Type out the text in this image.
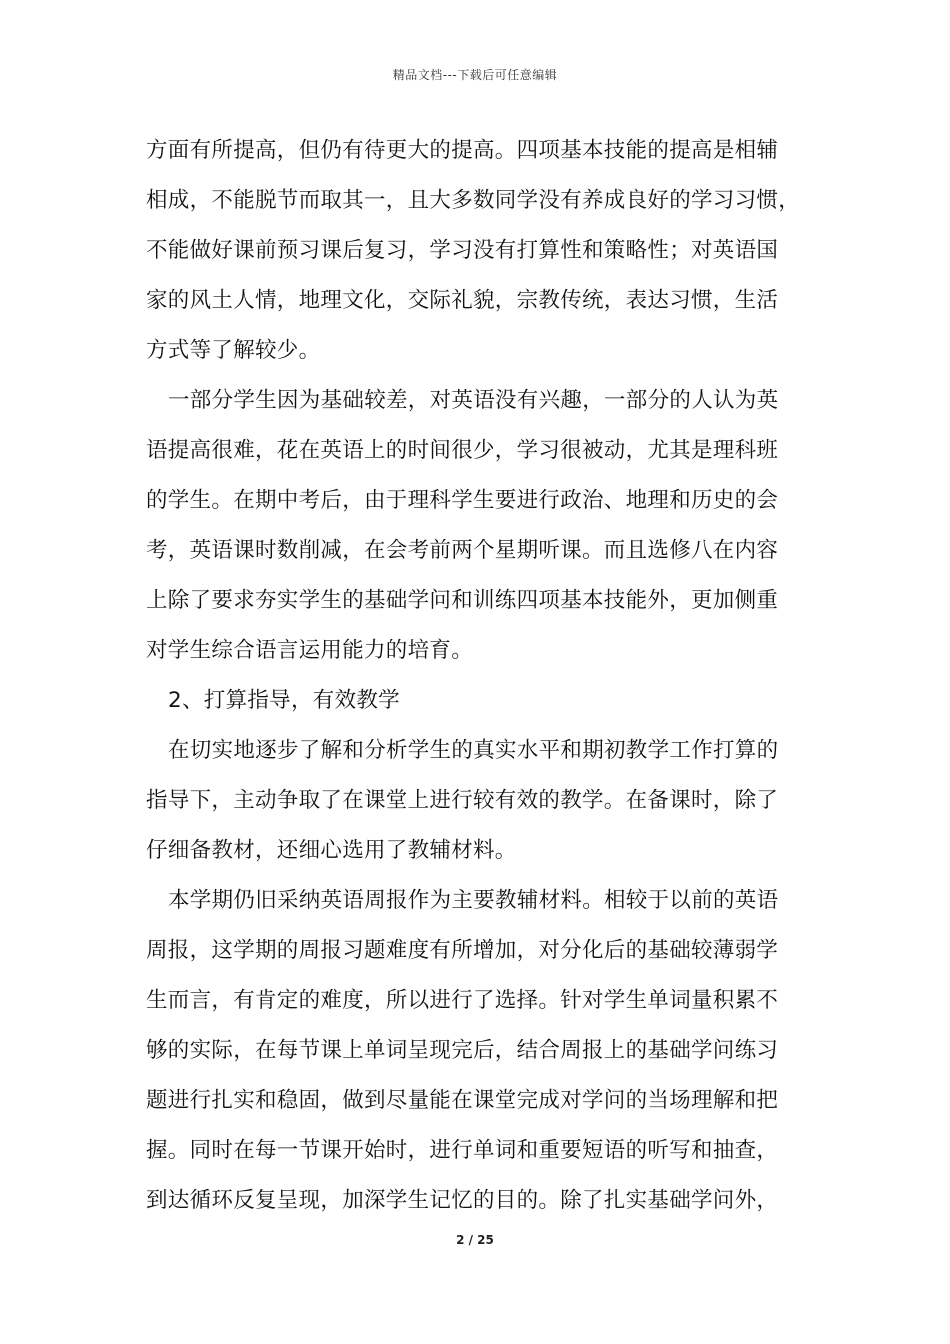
精品文档---下载后可任意编辑
方面有所提高，但仍有待更大的提高。四项基本技能的提高是相辅
相成，不能脱节而取其一，且大多数同学没有养成良好的学习习惯，
不能做好课前预习课后复习，学习没有打算性和策略性；对英语国
家的风土人情，地理文化，交际礼貌，宗教传统，表达习惯，生活
方式等了解较少。
一部分学生因为基础较差，对英语没有兴趣，一部分的人认为英
语提高很难，花在英语上的时间很少，学习很被动，尤其是理科班
的学生。在期中考后，由于理科学生要进行政治、地理和历史的会
考，英语课时数削减，在会考前两个星期听课。而且选修八在内容
上除了要求夯实学生的基础学问和训练四项基本技能外，更加侧重
对学生综合语言运用能力的培育。
2、打算指导，有效教学
在切实地逐步了解和分析学生的真实水平和期初教学工作打算的
指导下，主动争取了在课堂上进行较有效的教学。在备课时，除了
仔细备教材，还细心选用了教辅材料。
本学期仍旧采纳英语周报作为主要教辅材料。相较于以前的英语
周报，这学期的周报习题难度有所增加，对分化后的基础较薄弱学
生而言，有肯定的难度，所以进行了选择。针对学生单词量积累不
够的实际，在每节课上单词呈现完后，结合周报上的基础学问练习
题进行扎实和稳固，做到尽量能在课堂完成对学问的当场理解和把
握。同时在每一节课开始时，进行单词和重要短语的听写和抽查，
到达循环反复呈现，加深学生记忆的目的。除了扎实基础学问外，
2 / 25
